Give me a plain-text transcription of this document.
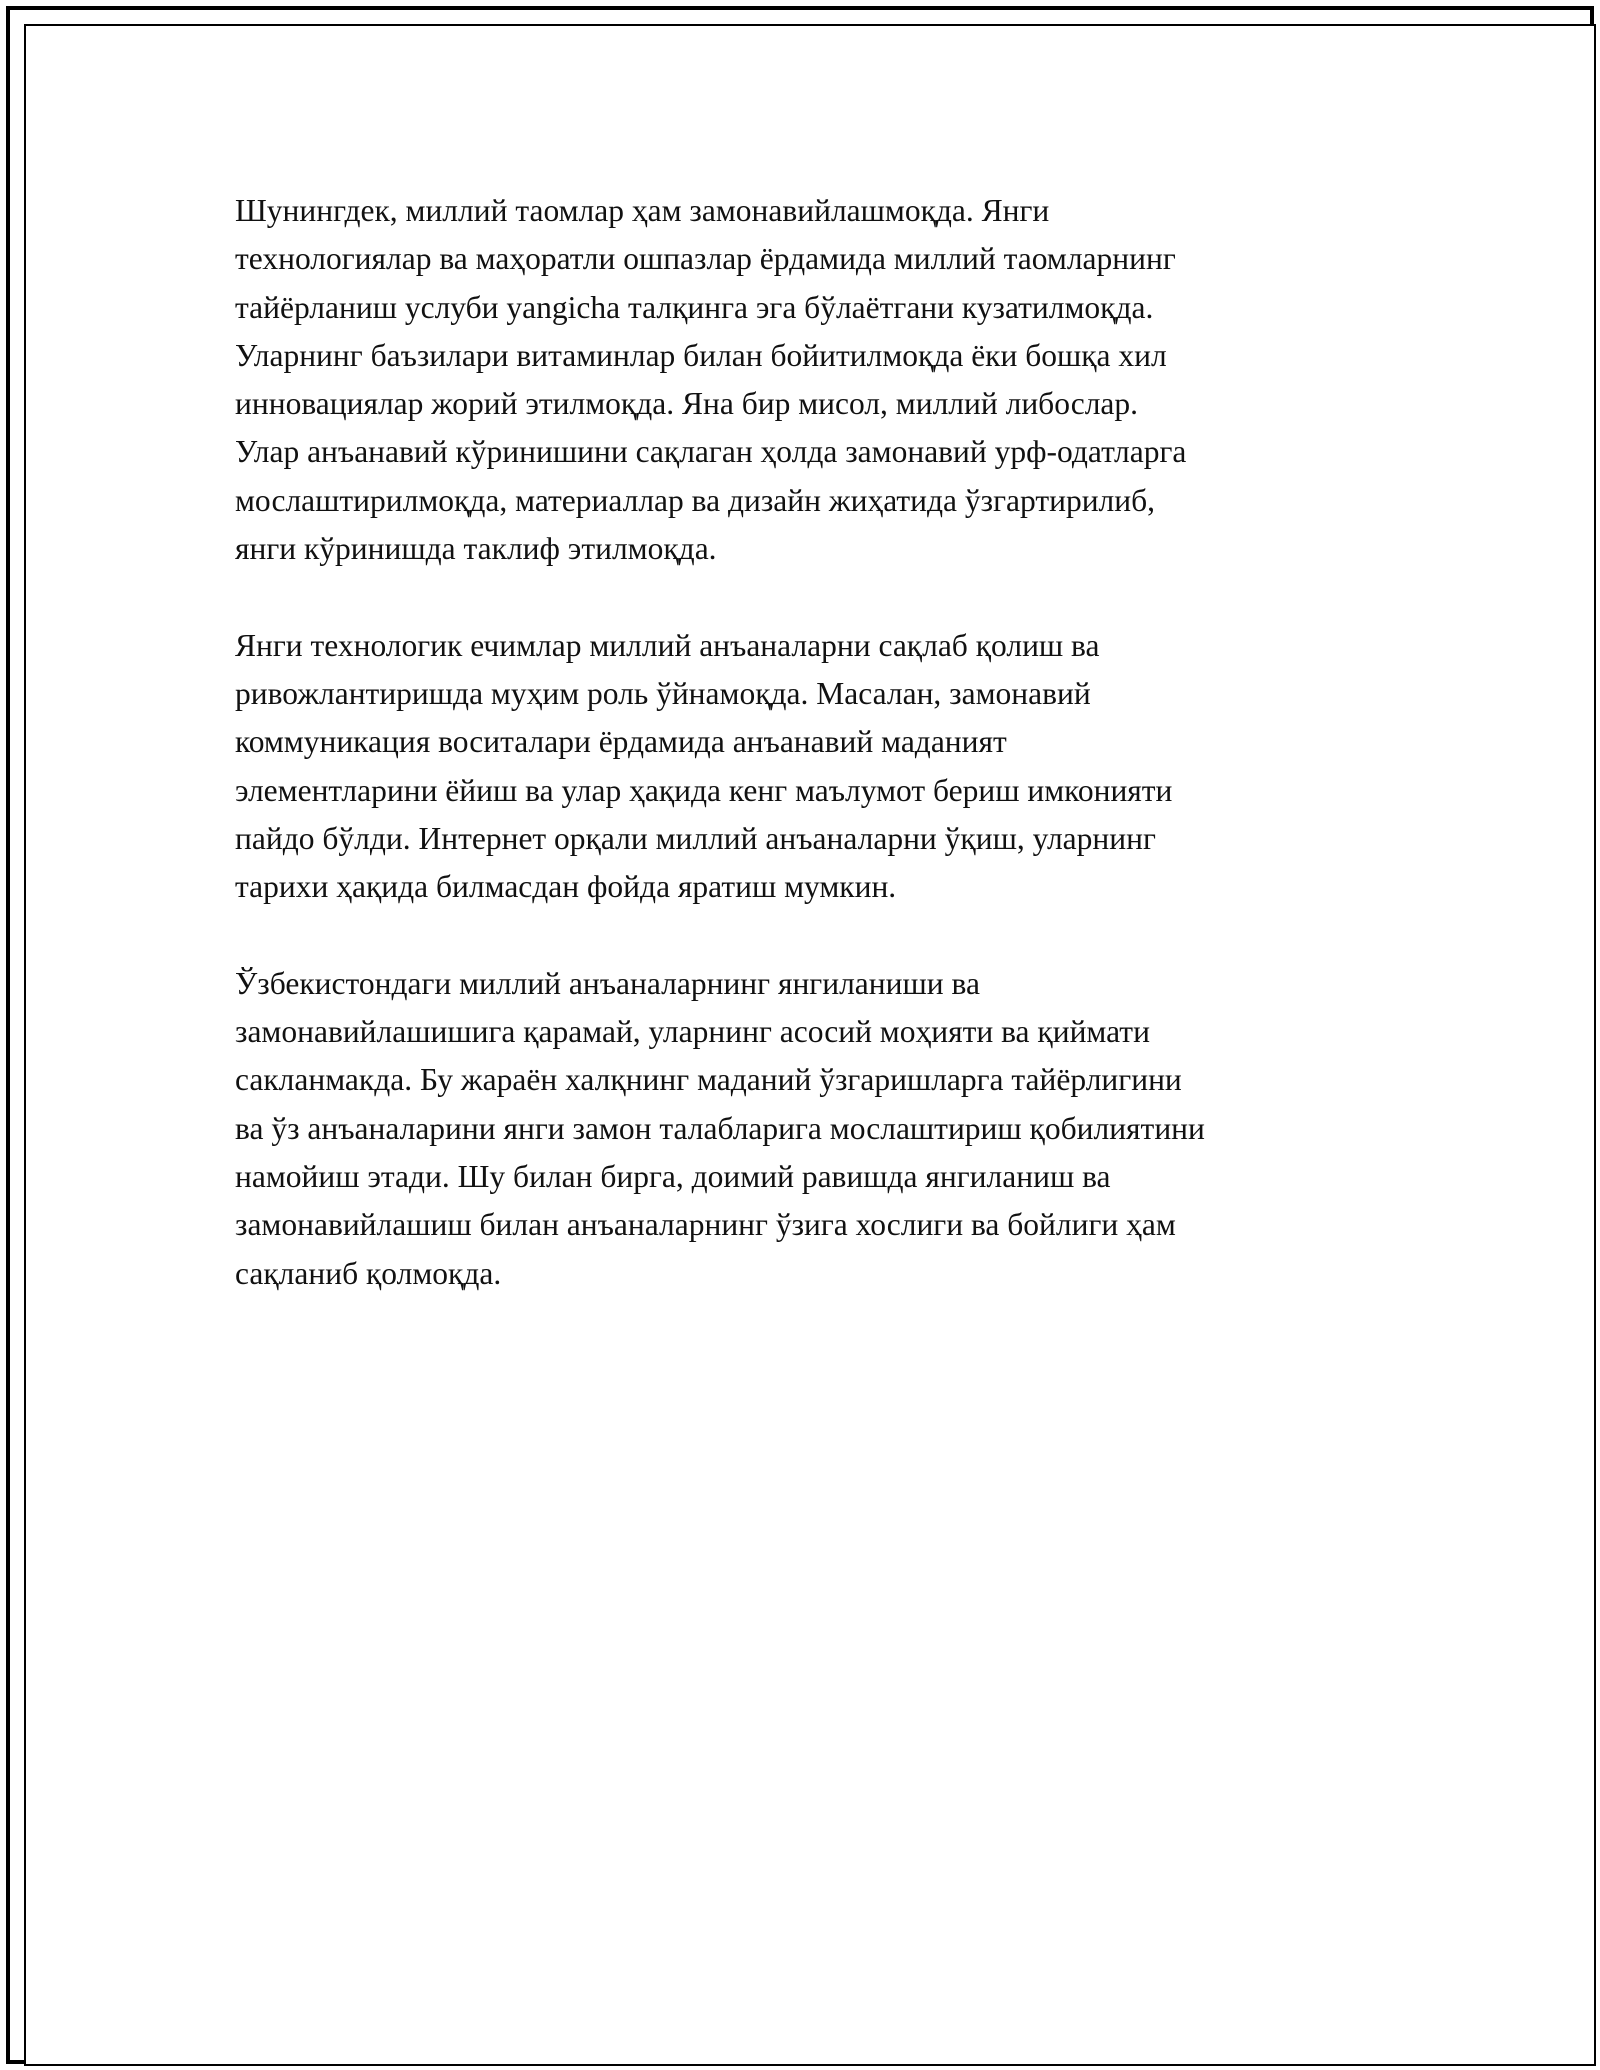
Шунингдек, миллий таомлар ҳам замонавийлашмоқда. Янги
технологиялар ва маҳоратли ошпазлар ёрдамида миллий таомларнинг
тайёрланиш услуби yangicha талқинга эга бўлаётгани кузатилмоқда.
Уларнинг баъзилари витаминлар билан бойитилмоқда ёки бошқа хил
инновациялар жорий этилмоқда. Яна бир мисол, миллий либослар.
Улар анъанавий кўринишини сақлаган ҳолда замонавий урф-одатларга
мослаштирилмоқда, материаллар ва дизайн жиҳатида ўзгартирилиб,
янги кўринишда таклиф этилмоқда.

Янги технологик ечимлар миллий анъаналарни сақлаб қолиш ва
ривожлантиришда муҳим роль ўйнамоқда. Масалан, замонавий
коммуникация воситалари ёрдамида анъанавий маданият
элементларини ёйиш ва улар ҳақида кенг маълумот бериш имконияти
пайдо бўлди. Интернет орқали миллий анъаналарни ўқиш, уларнинг
тарихи ҳақида билмасдан фойда яратиш мумкин.

Ўзбекистондаги миллий анъаналарнинг янгиланиши ва
замонавийлашишига қарамай, уларнинг асосий моҳияти ва қиймати
сакланмакда. Бу жараён халқнинг маданий ўзгаришларга тайёрлигини
ва ўз анъаналарини янги замон талабларига мослаштириш қобилиятини
намойиш этади. Шу билан бирга, доимий равишда янгиланиш ва
замонавийлашиш билан анъаналарнинг ўзига хослиги ва бойлиги ҳам
сақланиб қолмоқда.
